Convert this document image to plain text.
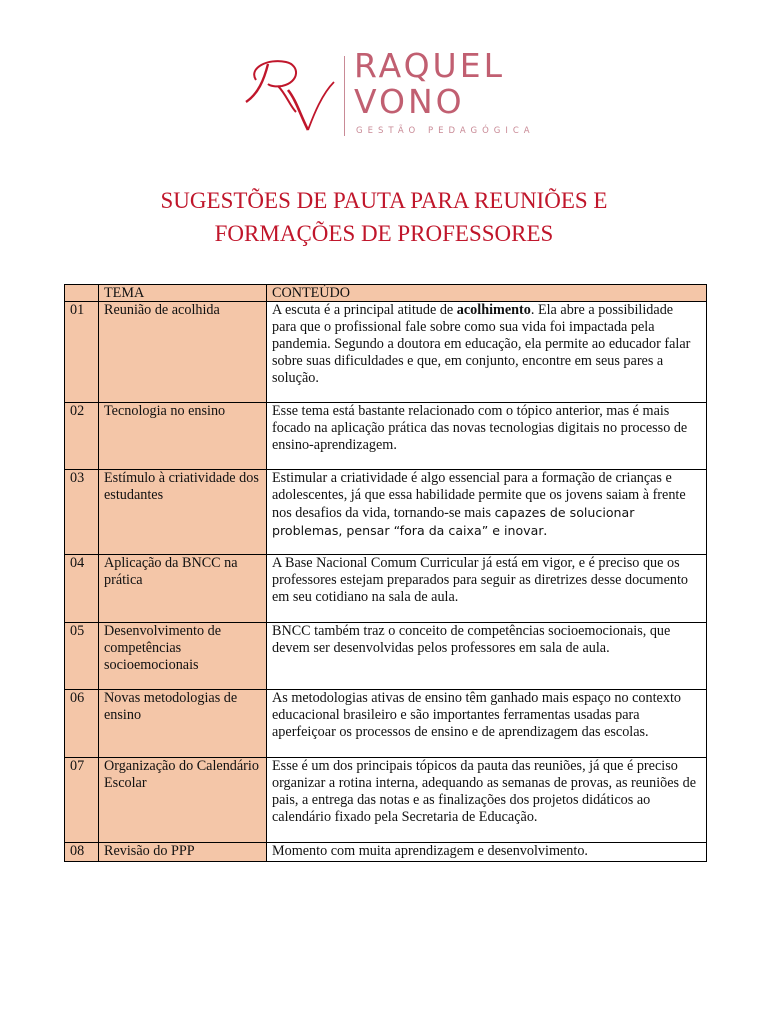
RAQUEL
VONO
GESTÃO PEDAGÓGICA
SUGESTÕES DE PAUTA PARA REUNIÕES E
FORMAÇÕES DE PROFESSORES
	TEMA	CONTEÚDO
01	Reunião de acolhida	A escuta é a principal atitude de acolhimento. Ela abre a possibilidade para que o profissional fale sobre como sua vida foi impactada pela pandemia. Segundo a doutora em educação, ela permite ao educador falar sobre suas dificuldades e que, em conjunto, encontre em seus pares a solução.
02	Tecnologia no ensino	Esse tema está bastante relacionado com o tópico anterior, mas é mais focado na aplicação prática das novas tecnologias digitais no processo de ensino-aprendizagem.
03	Estímulo à criatividade dos estudantes	Estimular a criatividade é algo essencial para a formação de crianças e adolescentes, já que essa habilidade permite que os jovens saiam à frente nos desafios da vida, tornando-se mais capazes de solucionar problemas, pensar “fora da caixa” e inovar.
04	Aplicação da BNCC na prática	A Base Nacional Comum Curricular já está em vigor, e é preciso que os professores estejam preparados para seguir as diretrizes desse documento em seu cotidiano na sala de aula.
05	Desenvolvimento de competências socioemocionais	BNCC também traz o conceito de competências socioemocionais, que devem ser desenvolvidas pelos professores em sala de aula.
06	Novas metodologias de ensino	As metodologias ativas de ensino têm ganhado mais espaço no contexto educacional brasileiro e são importantes ferramentas usadas para aperfeiçoar os processos de ensino e de aprendizagem das escolas.
07	Organização do Calendário Escolar	Esse é um dos principais tópicos da pauta das reuniões, já que é preciso organizar a rotina interna, adequando as semanas de provas, as reuniões de pais, a entrega das notas e as finalizações dos projetos didáticos ao calendário fixado pela Secretaria de Educação.
08	Revisão do PPP	Momento com muita aprendizagem e desenvolvimento.
